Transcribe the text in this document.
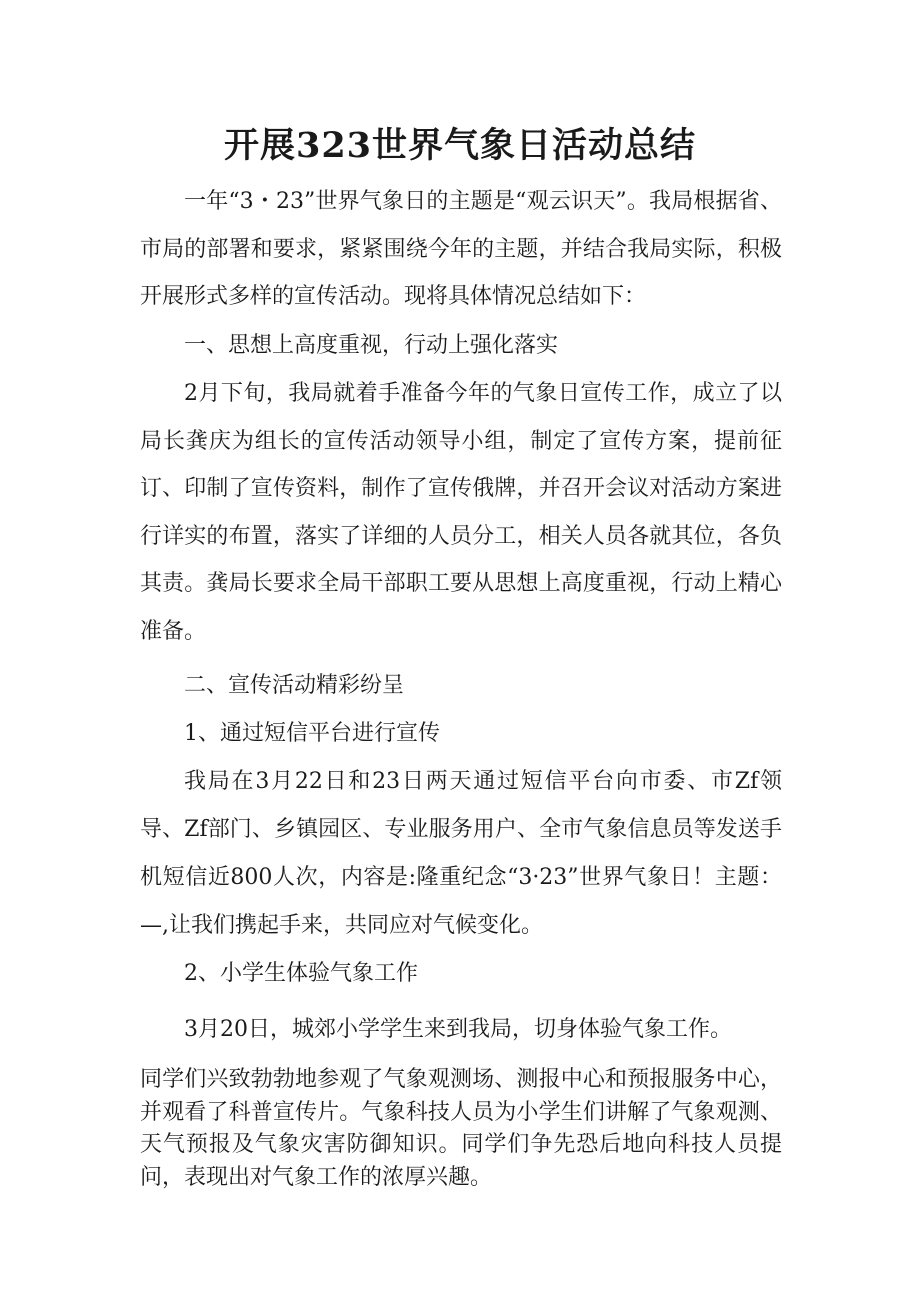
开展323世界气象日活动总结

一年“3・23”世界气象日的主题是“观云识天”。我局根据省、市局的部署和要求，紧紧围绕今年的主题，并结合我局实际，积极开展形式多样的宣传活动。现将具体情况总结如下：

一、思想上高度重视，行动上强化落实

2月下旬，我局就着手准备今年的气象日宣传工作，成立了以局长龚庆为组长的宣传活动领导小组，制定了宣传方案，提前征订、印制了宣传资料，制作了宣传俄牌，并召开会议对活动方案进行详实的布置，落实了详细的人员分工，相关人员各就其位，各负其责。龚局长要求全局干部职工要从思想上高度重视，行动上精心准备。

二、宣传活动精彩纷呈

1、通过短信平台进行宣传

我局在3月22日和23日两天通过短信平台向市委、市Zf领导、Zf部门、乡镇园区、专业服务用户、全市气象信息员等发送手机短信近800人次，内容是:隆重纪念“3·23”世界气象日！主题：—,让我们携起手来，共同应对气候变化。

2、小学生体验气象工作

3月20日，城郊小学学生来到我局，切身体验气象工作。

同学们兴致勃勃地参观了气象观测场、测报中心和预报服务中心，并观看了科普宣传片。气象科技人员为小学生们讲解了气象观测、天气预报及气象灾害防御知识。同学们争先恐后地向科技人员提问，表现出对气象工作的浓厚兴趣。
